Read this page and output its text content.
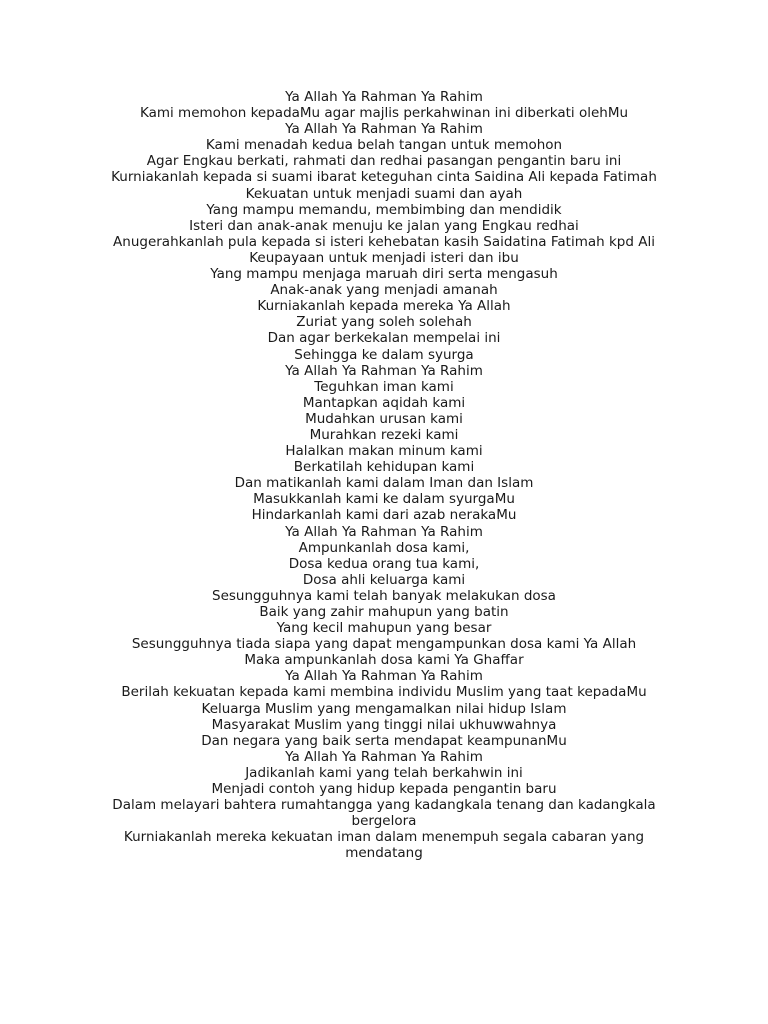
Ya Allah Ya Rahman Ya Rahim

Kami memohon kepadaMu agar majlis perkahwinan ini diberkati olehMu

Ya Allah Ya Rahman Ya Rahim

Kami menadah kedua belah tangan untuk memohon

Agar Engkau berkati, rahmati dan redhai pasangan pengantin baru ini

Kurniakanlah kepada si suami ibarat keteguhan cinta Saidina Ali kepada Fatimah

Kekuatan untuk menjadi suami dan ayah

Yang mampu memandu, membimbing dan mendidik

Isteri dan anak-anak menuju ke jalan yang Engkau redhai

Anugerahkanlah pula kepada si isteri kehebatan kasih Saidatina Fatimah kpd Ali

Keupayaan untuk menjadi isteri dan ibu

Yang mampu menjaga maruah diri serta mengasuh

Anak-anak yang menjadi amanah

Kurniakanlah kepada mereka Ya Allah

Zuriat yang soleh solehah

Dan agar berkekalan mempelai ini

Sehingga ke dalam syurga

Ya Allah Ya Rahman Ya Rahim

Teguhkan iman kami

Mantapkan aqidah kami

Mudahkan urusan kami

Murahkan rezeki kami

Halalkan makan minum kami

Berkatilah kehidupan kami

Dan matikanlah kami dalam Iman dan Islam

Masukkanlah kami ke dalam syurgaMu

Hindarkanlah kami dari azab nerakaMu

Ya Allah Ya Rahman Ya Rahim

Ampunkanlah dosa kami,

Dosa kedua orang tua kami,

Dosa ahli keluarga kami

Sesungguhnya kami telah banyak melakukan dosa

Baik yang zahir mahupun yang batin

Yang kecil mahupun yang besar

Sesungguhnya tiada siapa yang dapat mengampunkan dosa kami Ya Allah

Maka ampunkanlah dosa kami Ya Ghaffar

Ya Allah Ya Rahman Ya Rahim

Berilah kekuatan kepada kami membina individu Muslim yang taat kepadaMu

Keluarga Muslim yang mengamalkan nilai hidup Islam

Masyarakat Muslim yang tinggi nilai ukhuwwahnya

Dan negara yang baik serta mendapat keampunanMu

Ya Allah Ya Rahman Ya Rahim

Jadikanlah kami yang telah berkahwin ini

Menjadi contoh yang hidup kepada pengantin baru

Dalam melayari bahtera rumahtangga yang kadangkala tenang dan kadangkala bergelora

Kurniakanlah mereka kekuatan iman dalam menempuh segala cabaran yang mendatang
